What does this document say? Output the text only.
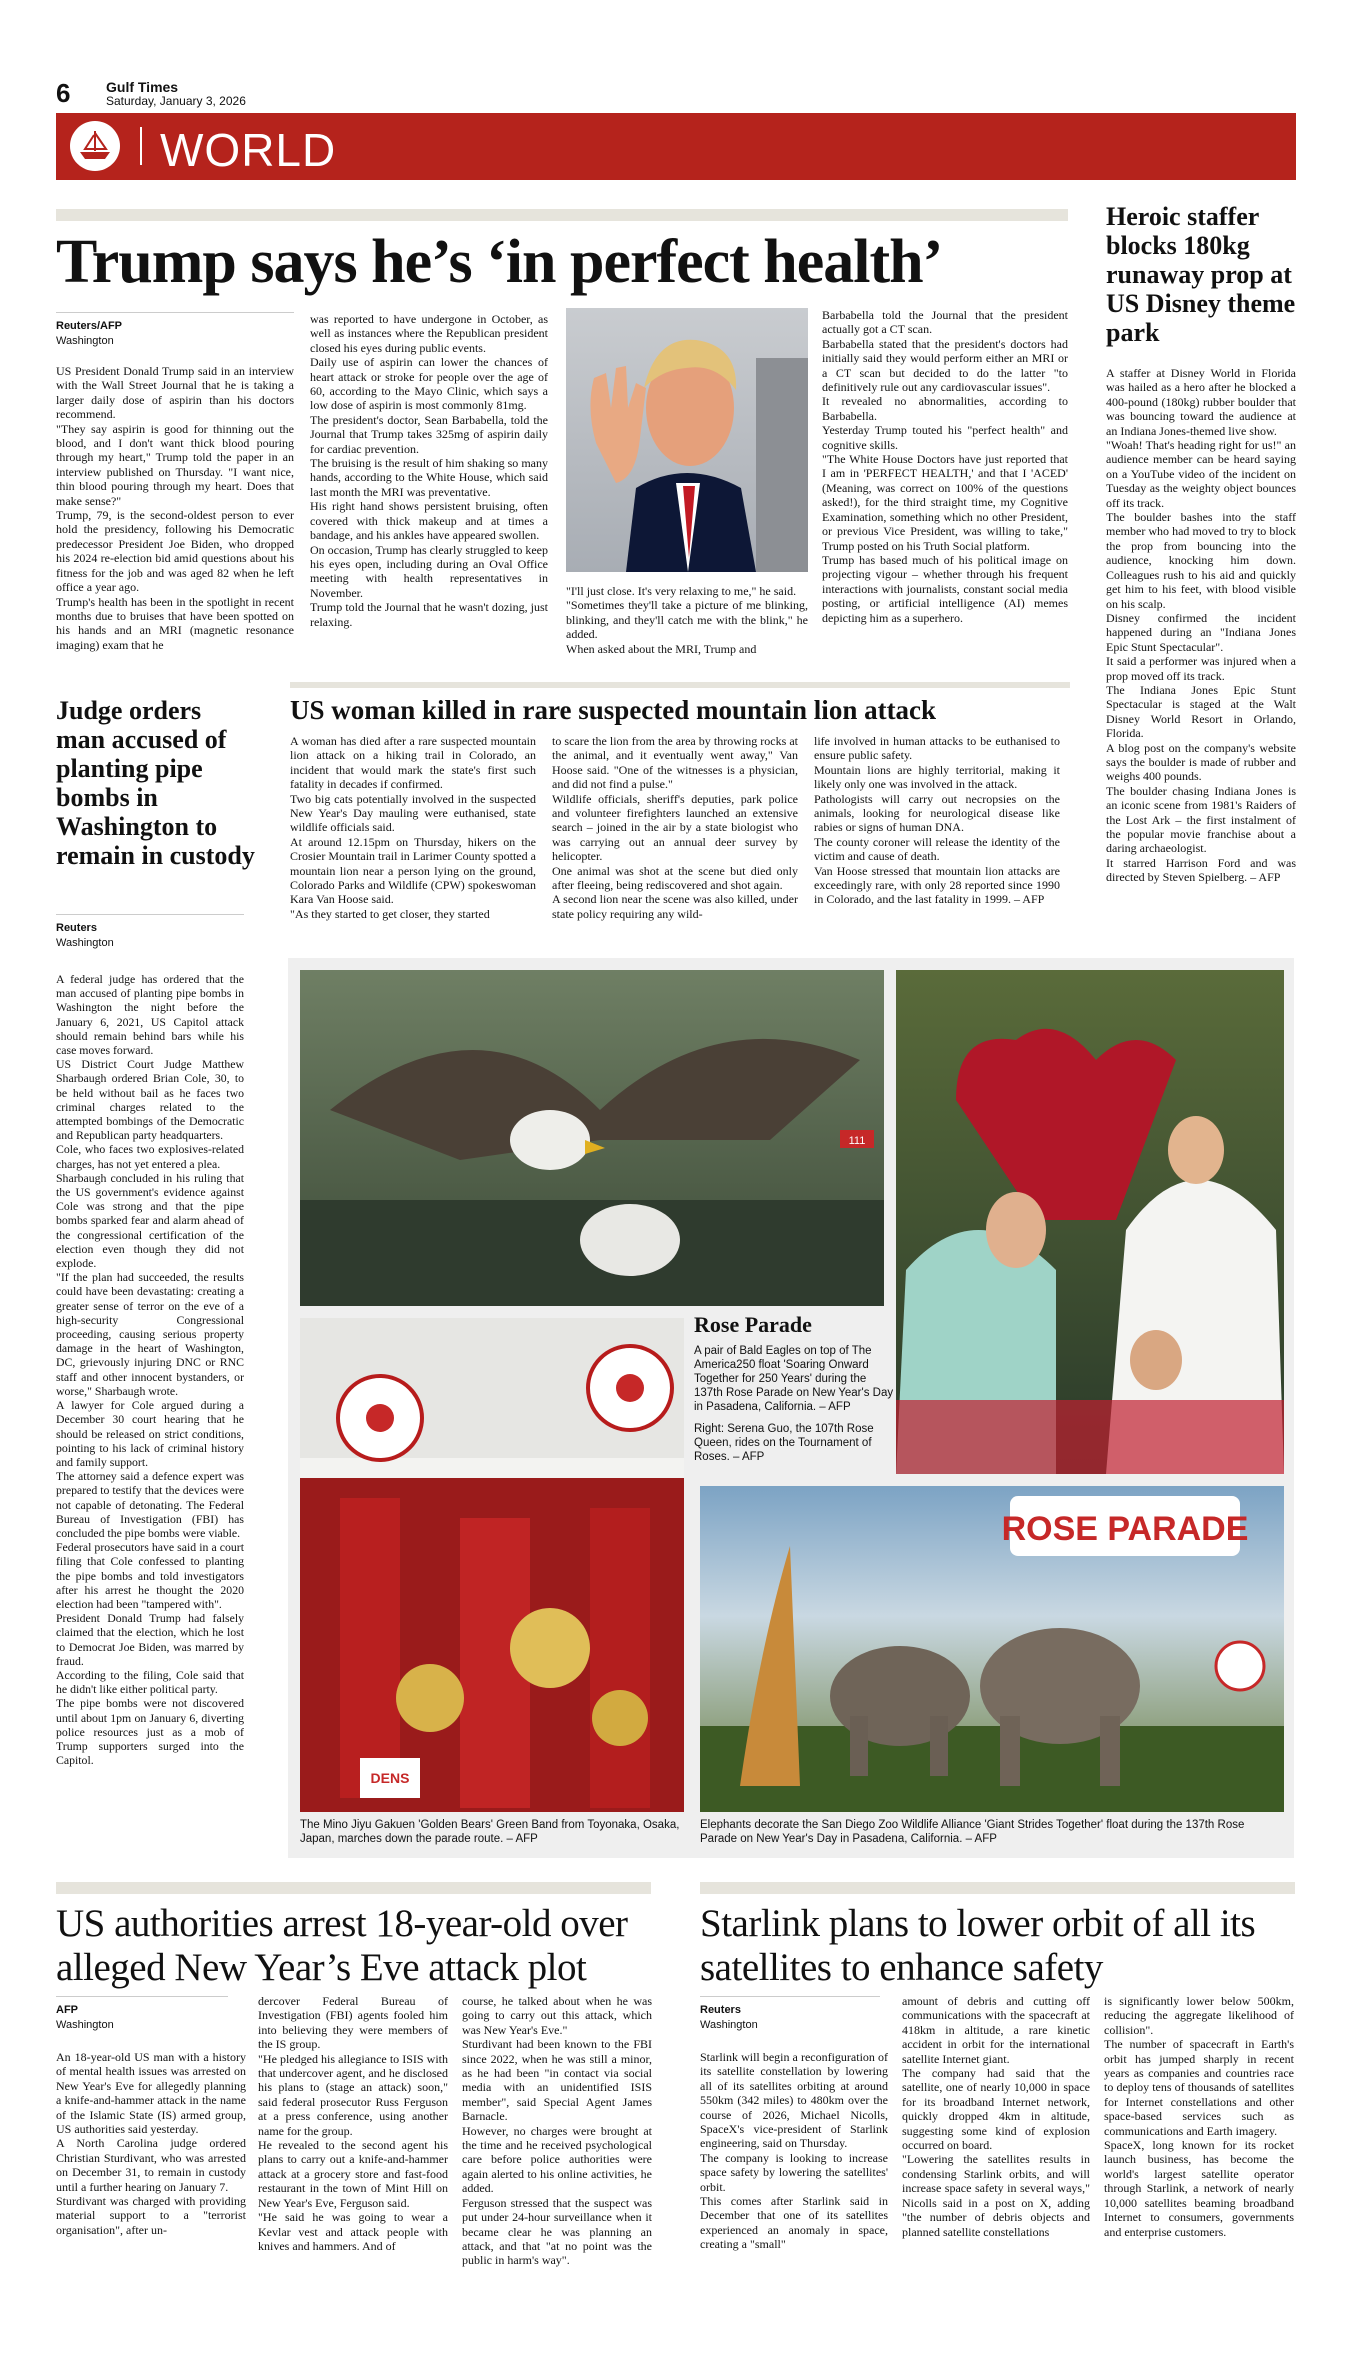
6	Gulf Times
Saturday, January 3, 2026
WORLD
Trump says he’s ‘in perfect health’
Reuters/AFP
Washington
US President Donald Trump said in an interview with the Wall Street Journal that he is taking a larger daily dose of aspirin than his doctors recommend.
"They say aspirin is good for thinning out the blood, and I don't want thick blood pouring through my heart," Trump told the paper in an interview published on Thursday. "I want nice, thin blood pouring through my heart. Does that make sense?"
Trump, 79, is the second-oldest person to ever hold the presidency, following his Democratic predecessor President Joe Biden, who dropped his 2024 re-election bid amid questions about his fitness for the job and was aged 82 when he left office a year ago.
Trump's health has been in the spotlight in recent months due to bruises that have been spotted on his hands and an MRI (magnetic resonance imaging) exam that he
was reported to have undergone in October, as well as instances where the Republican president closed his eyes during public events.
Daily use of aspirin can lower the chances of heart attack or stroke for people over the age of 60, according to the Mayo Clinic, which says a low dose of aspirin is most commonly 81mg.
The president's doctor, Sean Barbabella, told the Journal that Trump takes 325mg of aspirin daily for cardiac prevention.
The bruising is the result of him shaking so many hands, according to the White House, which said last month the MRI was preventative.
His right hand shows persistent bruising, often covered with thick makeup and at times a bandage, and his ankles have appeared swollen.
On occasion, Trump has clearly struggled to keep his eyes open, including during an Oval Office meeting with health representatives in November.
Trump told the Journal that he wasn't dozing, just relaxing.
"I'll just close. It's very relaxing to me," he said.
"Sometimes they'll take a picture of me blinking, blinking, and they'll catch me with the blink," he added.
When asked about the MRI, Trump and
Barbabella told the Journal that the president actually got a CT scan.
Barbabella stated that the president's doctors had initially said they would perform either an MRI or a CT scan but decided to do the latter "to definitively rule out any cardiovascular issues".
It revealed no abnormalities, according to Barbabella.
Yesterday Trump touted his "perfect health" and cognitive skills.
"The White House Doctors have just reported that I am in 'PERFECT HEALTH,' and that I 'ACED' (Meaning, was correct on 100% of the questions asked!), for the third straight time, my Cognitive Examination, something which no other President, or previous Vice President, was willing to take," Trump posted on his Truth Social platform.
Trump has based much of his political image on projecting vigour – whether through his frequent interactions with journalists, constant social media posting, or artificial intelligence (AI) memes depicting him as a superhero.
Heroic staffer blocks 180kg runaway prop at US Disney theme park
A staffer at Disney World in Florida was hailed as a hero after he blocked a 400-pound (180kg) rubber boulder that was bouncing toward the audience at an Indiana Jones-themed live show.
"Woah! That's heading right for us!" an audience member can be heard saying on a YouTube video of the incident on Tuesday as the weighty object bounces off its track.
The boulder bashes into the staff member who had moved to try to block the prop from bouncing into the audience, knocking him down. Colleagues rush to his aid and quickly get him to his feet, with blood visible on his scalp.
Disney confirmed the incident happened during an "Indiana Jones Epic Stunt Spectacular".
It said a performer was injured when a prop moved off its track.
The Indiana Jones Epic Stunt Spectacular is staged at the Walt Disney World Resort in Orlando, Florida.
A blog post on the company's website says the boulder is made of rubber and weighs 400 pounds.
The boulder chasing Indiana Jones is an iconic scene from 1981's Raiders of the Lost Ark – the first instalment of the popular movie franchise about a daring archaeologist.
It starred Harrison Ford and was directed by Steven Spielberg. – AFP
Judge orders man accused of planting pipe bombs in Washington to remain in custody
Reuters
Washington
A federal judge has ordered that the man accused of planting pipe bombs in Washington the night before the January 6, 2021, US Capitol attack should remain behind bars while his case moves forward.
US District Court Judge Matthew Sharbaugh ordered Brian Cole, 30, to be held without bail as he faces two criminal charges related to the attempted bombings of the Democratic and Republican party headquarters.
Cole, who faces two explosives-related charges, has not yet entered a plea.
Sharbaugh concluded in his ruling that the US government's evidence against Cole was strong and that the pipe bombs sparked fear and alarm ahead of the congressional certification of the election even though they did not explode.
"If the plan had succeeded, the results could have been devastating: creating a greater sense of terror on the eve of a high-security Congressional proceeding, causing serious property damage in the heart of Washington, DC, grievously injuring DNC or RNC staff and other innocent bystanders, or worse," Sharbaugh wrote.
A lawyer for Cole argued during a December 30 court hearing that he should be released on strict conditions, pointing to his lack of criminal history and family support.
The attorney said a defence expert was prepared to testify that the devices were not capable of detonating. The Federal Bureau of Investigation (FBI) has concluded the pipe bombs were viable.
Federal prosecutors have said in a court filing that Cole confessed to planting the pipe bombs and told investigators after his arrest he thought the 2020 election had been "tampered with".
President Donald Trump had falsely claimed that the election, which he lost to Democrat Joe Biden, was marred by fraud.
According to the filing, Cole said that he didn't like either political party.
The pipe bombs were not discovered until about 1pm on January 6, diverting police resources just as a mob of Trump supporters surged into the Capitol.
US woman killed in rare suspected mountain lion attack
A woman has died after a rare suspected mountain lion attack on a hiking trail in Colorado, an incident that would mark the state's first such fatality in decades if confirmed.
Two big cats potentially involved in the suspected New Year's Day mauling were euthanised, state wildlife officials said.
At around 12.15pm on Thursday, hikers on the Crosier Mountain trail in Larimer County spotted a mountain lion near a person lying on the ground, Colorado Parks and Wildlife (CPW) spokeswoman Kara Van Hoose said.
"As they started to get closer, they started
to scare the lion from the area by throwing rocks at the animal, and it eventually went away," Van Hoose said. "One of the witnesses is a physician, and did not find a pulse."
Wildlife officials, sheriff's deputies, park police and volunteer firefighters launched an extensive search – joined in the air by a state biologist who was carrying out an annual deer survey by helicopter.
One animal was shot at the scene but died only after fleeing, being rediscovered and shot again.
A second lion near the scene was also killed, under state policy requiring any wild-
life involved in human attacks to be euthanised to ensure public safety.
Mountain lions are highly territorial, making it likely only one was involved in the attack.
Pathologists will carry out necropsies on the animals, looking for neurological disease like rabies or signs of human DNA.
The county coroner will release the identity of the victim and cause of death.
Van Hoose stressed that mountain lion attacks are exceedingly rare, with only 28 reported since 1990 in Colorado, and the last fatality in 1999. – AFP
111
Rose Parade
A pair of Bald Eagles on top of The America250 float 'Soaring Onward Together for 250 Years' during the 137th Rose Parade on New Year's Day in Pasadena, California. – AFP
Right: Serena Guo, the 107th Rose Queen, rides on the Tournament of Roses. – AFP
DENS
ROSE PARADE
The Mino Jiyu Gakuen 'Golden Bears' Green Band from Toyonaka, Osaka, Japan, marches down the parade route. – AFP
Elephants decorate the San Diego Zoo Wildlife Alliance 'Giant Strides Together' float during the 137th Rose Parade on New Year's Day in Pasadena, California. – AFP
US authorities arrest 18-year-old over alleged New Year’s Eve attack plot
AFP
Washington
An 18-year-old US man with a history of mental health issues was arrested on New Year's Eve for allegedly planning a knife-and-hammer attack in the name of the Islamic State (IS) armed group, US authorities said yesterday.
A North Carolina judge ordered Christian Sturdivant, who was arrested on December 31, to remain in custody until a further hearing on January 7.
Sturdivant was charged with providing material support to a "terrorist organisation", after un-
dercover Federal Bureau of Investigation (FBI) agents fooled him into believing they were members of the IS group.
"He pledged his allegiance to ISIS with that undercover agent, and he disclosed his plans to (stage an attack) soon," said federal prosecutor Russ Ferguson at a press conference, using another name for the group.
He revealed to the second agent his plans to carry out a knife-and-hammer attack at a grocery store and fast-food restaurant in the town of Mint Hill on New Year's Eve, Ferguson said.
"He said he was going to wear a Kevlar vest and attack people with knives and hammers. And of
course, he talked about when he was going to carry out this attack, which was New Year's Eve."
Sturdivant had been known to the FBI since 2022, when he was still a minor, as he had been "in contact via social media with an unidentified ISIS member", said Special Agent James Barnacle.
However, no charges were brought at the time and he received psychological care before police authorities were again alerted to his online activities, he added.
Ferguson stressed that the suspect was put under 24-hour surveillance when it became clear he was planning an attack, and that "at no point was the public in harm's way".
Starlink plans to lower orbit of all its satellites to enhance safety
Reuters
Washington
Starlink will begin a reconfiguration of its satellite constellation by lowering all of its satellites orbiting at around 550km (342 miles) to 480km over the course of 2026, Michael Nicolls, SpaceX's vice-president of Starlink engineering, said on Thursday.
The company is looking to increase space safety by lowering the satellites' orbit.
This comes after Starlink said in December that one of its satellites experienced an anomaly in space, creating a "small"
amount of debris and cutting off communications with the spacecraft at 418km in altitude, a rare kinetic accident in orbit for the international satellite Internet giant.
The company had said that the satellite, one of nearly 10,000 in space for its broadband Internet network, quickly dropped 4km in altitude, suggesting some kind of explosion occurred on board.
"Lowering the satellites results in condensing Starlink orbits, and will increase space safety in several ways," Nicolls said in a post on X, adding "the number of debris objects and planned satellite constellations
is significantly lower below 500km, reducing the aggregate likelihood of collision".
The number of spacecraft in Earth's orbit has jumped sharply in recent years as companies and countries race to deploy tens of thousands of satellites for Internet constellations and other space-based services such as communications and Earth imagery.
SpaceX, long known for its rocket launch business, has become the world's largest satellite operator through Starlink, a network of nearly 10,000 satellites beaming broadband Internet to consumers, governments and enterprise customers.
